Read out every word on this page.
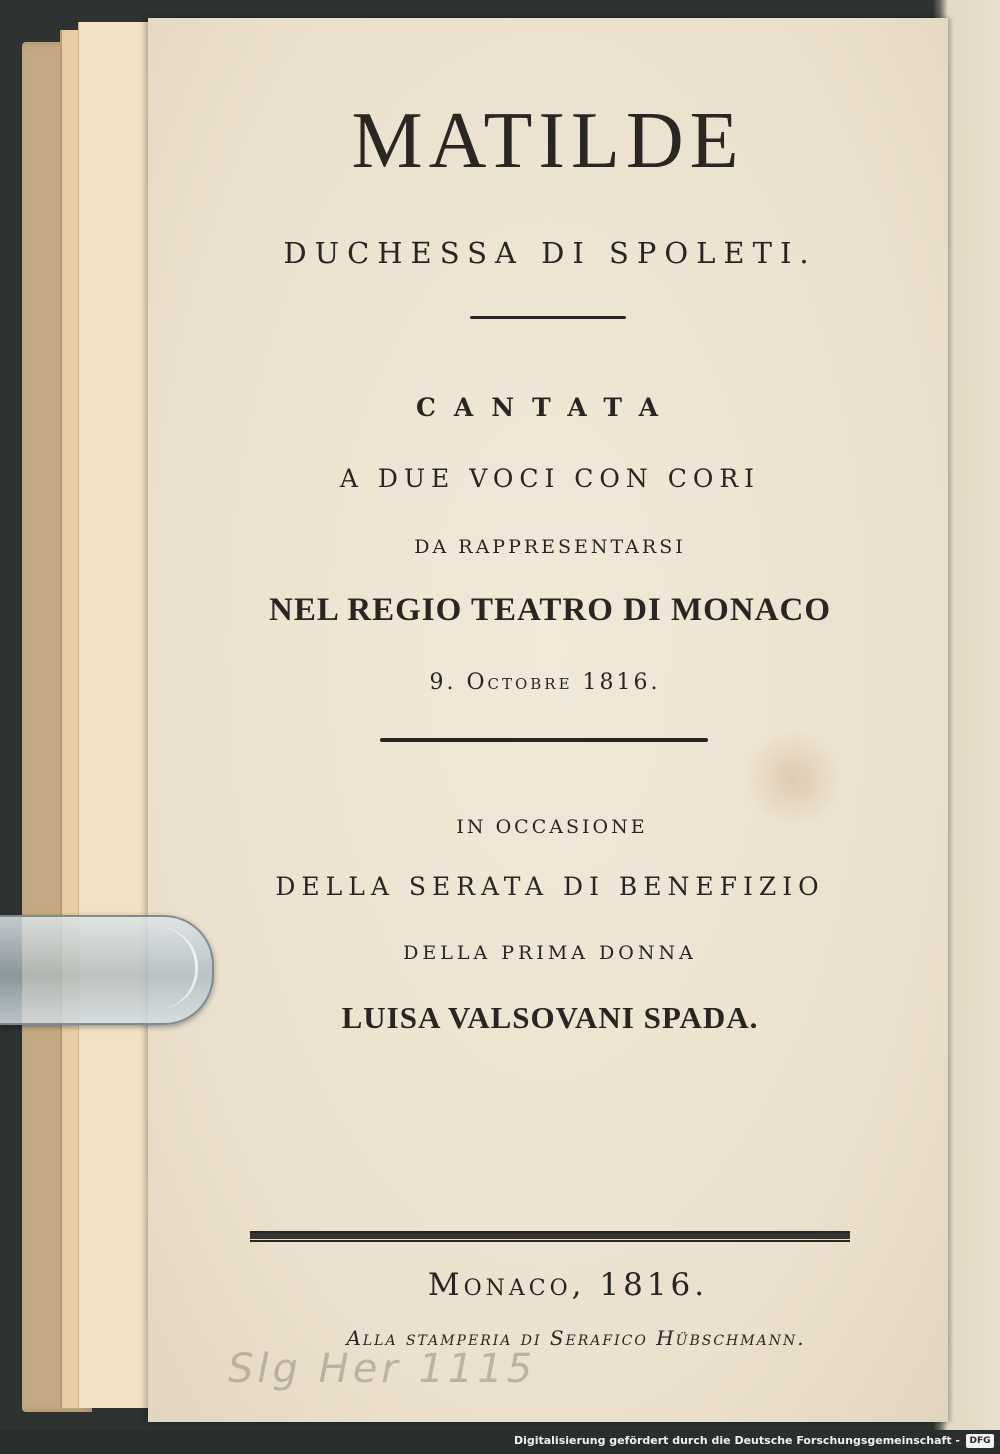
MATILDE
DUCHESSA DI SPOLETI.
CANTATA
A DUE VOCI CON CORI
DA RAPPRESENTARSI
NEL REGIO TEATRO DI MONACO
9. Octobre 1816.
IN OCCASIONE
DELLA SERATA DI BENEFIZIO
DELLA PRIMA DONNA
LUISA VALSOVANI SPADA.
Monaco, 1816.
Alla stamperia di Serafico Hübschmann.
Slg Her 1115
Digitalisierung gefördert durch die Deutsche Forschungsgemeinschaft -	DFG
